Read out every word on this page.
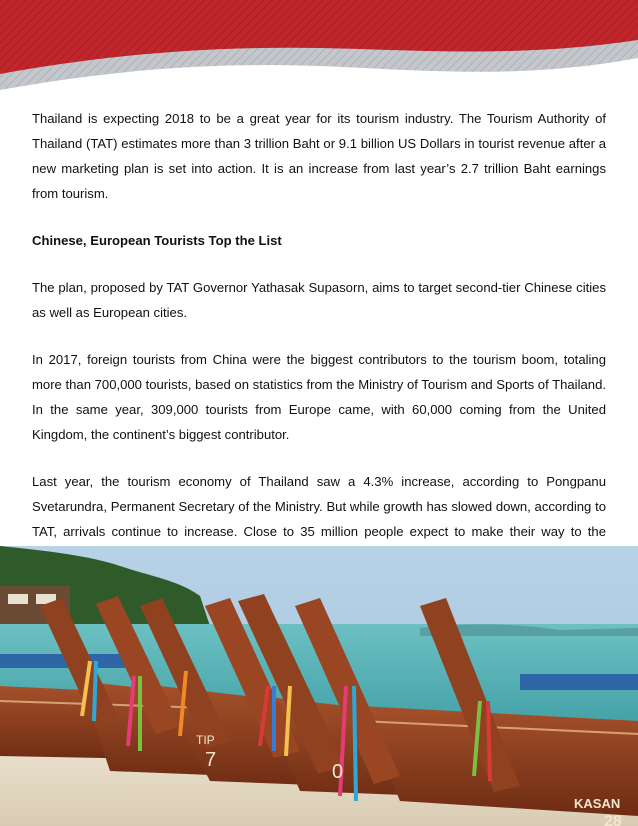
Thailand is expecting 2018 to be a great year for its tourism industry. The Tourism Authority of Thailand (TAT) estimates more than 3 trillion Baht or 9.1 billion US Dollars in tourist revenue after a new marketing plan is set into action. It is an increase from last year’s 2.7 trillion Baht earnings from tourism.

Chinese, European Tourists Top the List

The plan, proposed by TAT Governor Yathasak Supasorn, aims to target second-tier Chinese cities as well as European cities.

In 2017, foreign tourists from China were the biggest contributors to the tourism boom, totaling more than 700,000 tourists, based on statistics from the Ministry of Tourism and Sports of Thailand. In the same year, 309,000 tourists from Europe came, with 60,000 coming from the United Kingdom, the continent’s biggest contributor.

Last year, the tourism economy of Thailand saw a 4.3% increase, according to Pongpanu Svetarundra, Permanent Secretary of the Ministry. But while growth has slowed down, according to TAT, arrivals continue to increase. Close to 35 million people expect to make their way to the

TIP
7
0
KASAN
28
